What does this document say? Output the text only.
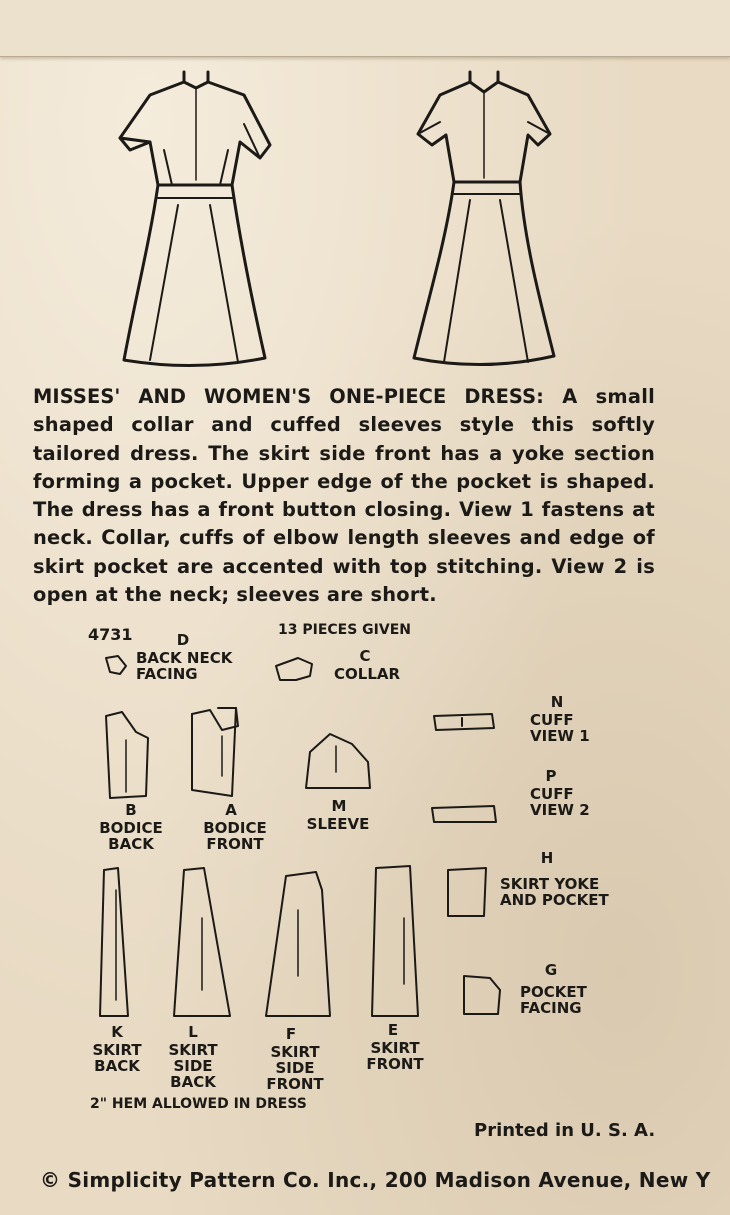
MISSES' AND WOMEN'S ONE-PIECE DRESS: A small shaped collar and cuffed sleeves style this softly tailored dress. The skirt side front has a yoke section forming a pocket. Upper edge of the pocket is shaped. The dress has a front button closing. View 1 fastens at neck. Collar, cuffs of elbow length sleeves and edge of skirt pocket are accented with top stitching. View 2 is open at the neck; sleeves are short.

4731	13 PIECES GIVEN
D
BACK NECK
FACING
C
COLLAR
N
CUFF
VIEW 1
B
BODICE
BACK
A
BODICE
FRONT
M
SLEEVE
P
CUFF
VIEW 2
H
SKIRT YOKE
AND POCKET
G
POCKET
FACING
K
SKIRT
BACK
L
SKIRT
SIDE
BACK
F
SKIRT
SIDE
FRONT
E
SKIRT
FRONT
2" HEM ALLOWED IN DRESS
Printed in U. S. A.
© Simplicity Pattern Co. Inc., 200 Madison Avenue, New Y
